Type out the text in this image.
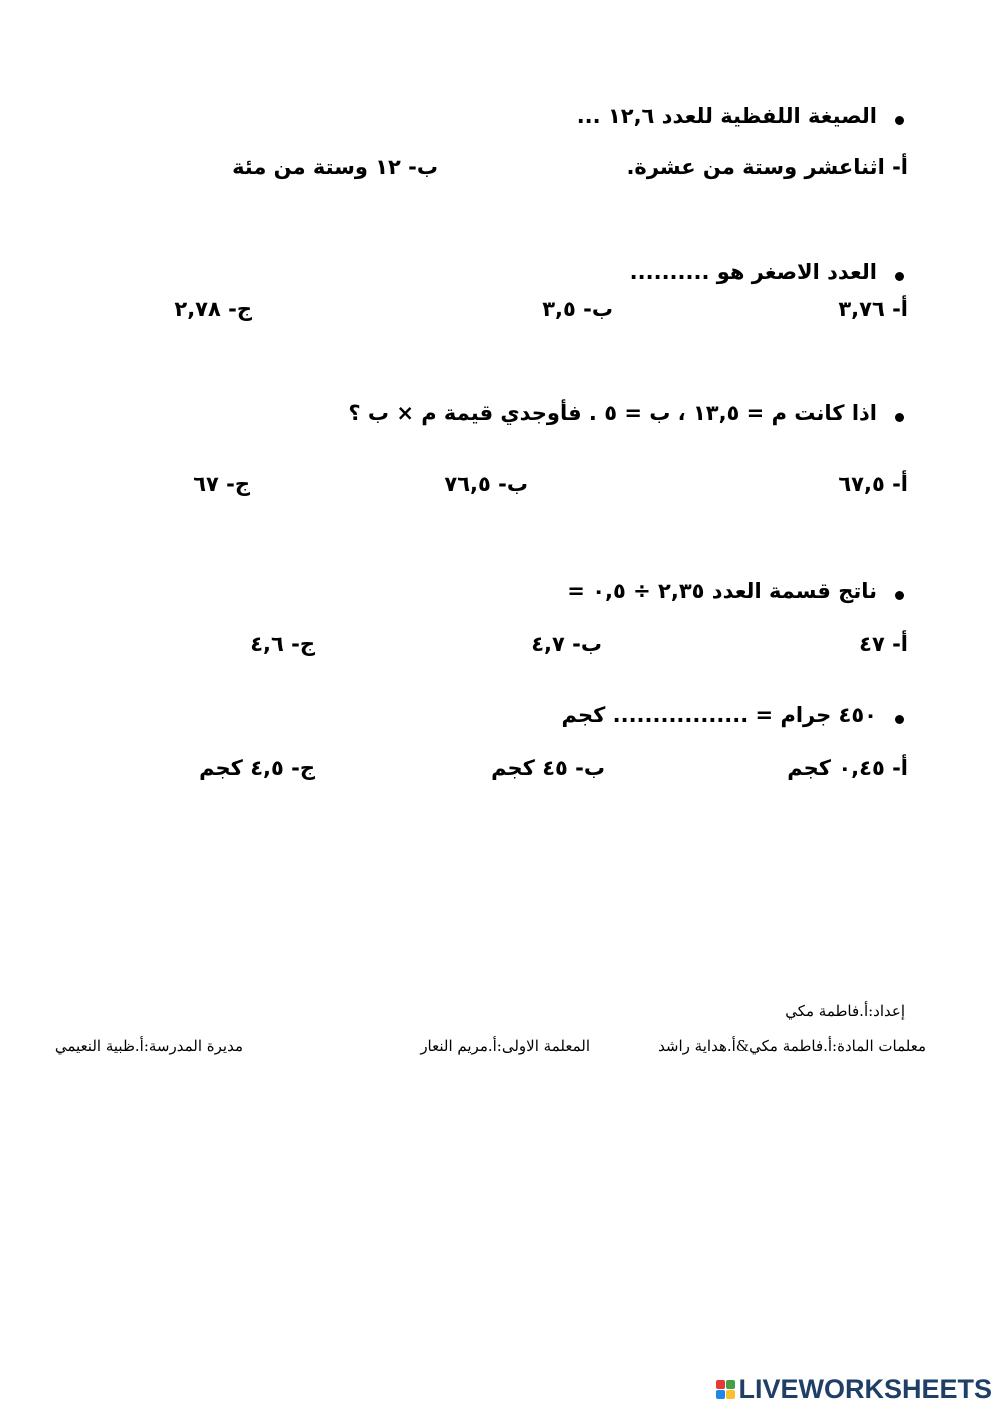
الصيغة اللفظية للعدد ١٢,٦ ...
أ- اثناعشر وستة من عشرة.
ب- ١٢ وستة من مئة
العدد الاصغر هو ..........
أ- ٣,٧٦
ب- ٣,٥
ج- ٢,٧٨
اذا كانت م = ١٣,٥ ، ب = ٥ . فأوجدي قيمة م × ب ؟
أ- ٦٧,٥
ب- ٧٦,٥
ج- ٦٧
ناتج قسمة العدد ٢,٣٥ ÷ ٠,٥ =
أ- ٤٧
ب- ٤,٧
ج- ٤,٦
٤٥٠ جرام = ................. كجم
أ- ٠,٤٥ كجم
ب- ٤٥ كجم
ج- ٤,٥ كجم
إعداد:أ.فاطمة مكي
معلمات المادة:أ.فاطمة مكي&أ.هداية راشد
المعلمة الاولى:أ.مريم النعار
مديرة المدرسة:أ.ظبية النعيمي
LIVEWORKSHEETS
